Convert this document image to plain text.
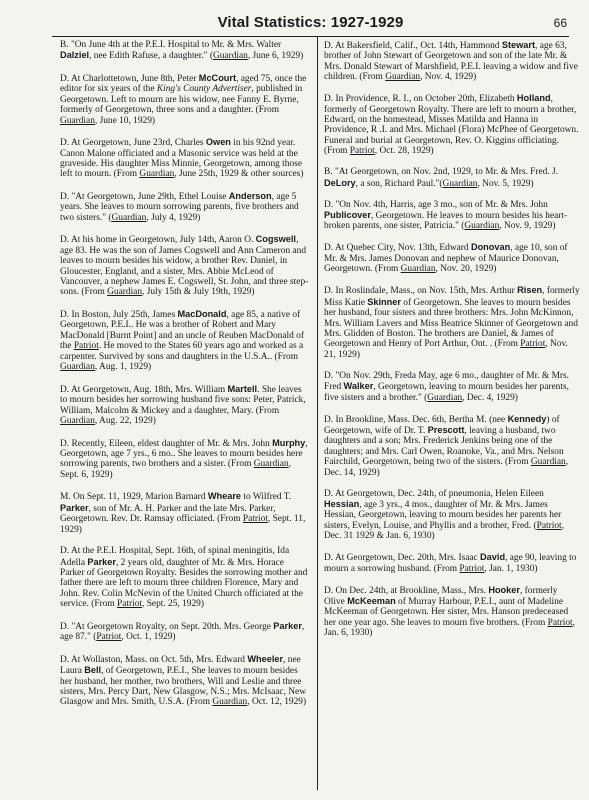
Vital Statistics: 1927-1929	66

B. "On June 4th at the P.E.I. Hospital to Mr. & Mrs. Walter Dalziel, nee Edith Rafuse, a daughter." (Guardian, June 6, 1929)

D. At Charlottetown, June 8th, Peter McCourt, aged 75, once the editor for six years of the King's County Advertiser, published in Georgetown. Left to mourn are his widow, nee Fanny E. Byrne, formerly of Georgetown, three sons and a daughter. (From Guardian, June 10, 1929)

D. At Georgetown, June 23rd, Charles Owen in his 92nd year. Canon Malone officiated and a Masonic service was held at the graveside. His daughter Miss Minnie, Georgetown, among those left to mourn. (From Guardian, June 25th, 1929 & other sources)

D. "At Georgetown, June 29th, Ethel Louise Anderson, age 5 years. She leaves to mourn sorrowing parents, five brothers and two sisters." (Guardian, July 4, 1929)

D. At his home in Georgetown, July 14th, Aaron O. Cogswell, age 83. He was the son of James Cogswell and Ann Cameron and leaves to mourn besides his widow, a brother Rev. Daniel, in Gloucester, England, and a sister, Mrs. Abbie McLeod of Vancouver, a nephew James E. Cogswell, St. John, and three step-sons. (From Guardian, July 15th & July 19th, 1929)

D. In Boston, July 25th, James MacDonald, age 85, a native of Georgetown, P.E.I.. He was a brother of Robert and Mary MacDonald [Burnt Point] and an uncle of Reuben MacDonald of the Patriot. He moved to the States 60 years ago and worked as a carpenter. Survived by sons and daughters in the U.S.A.. (From Guardian, Aug. 1, 1929)

D. At Georgetown, Aug. 18th, Mrs. William Martell. She leaves to mourn besides her sorrowing husband five sons: Peter, Patrick, William, Malcolm & Mickey and a daughter, Mary. (From Guardian, Aug. 22, 1929)

D. Recently, Eileen, eldest daughter of Mr. & Mrs. John Murphy, Georgetown, age 7 yrs., 6 mo.. She leaves to mourn besides here sorrowing parents, two brothers and a sister. (From Guardian, Sept. 6, 1929)

M. On Sept. 11, 1929, Marion Barnard Wheare to Wilfred T. Parker, son of Mr. A. H. Parker and the late Mrs. Parker, Georgetown. Rev. Dr. Ramsay officiated. (From Patriot, Sept. 11, 1929)

D. At the P.E.I. Hospital, Sept. 16th, of spinal meningitis, Ida Adella Parker, 2 years old, daughter of Mr. & Mrs. Horace Parker of Georgetown Royalty. Besides the sorrowing mother and father there are left to mourn three children Florence, Mary and John. Rev. Colin McNevin of the United Church officiated at the service. (From Patriot, Sept. 25, 1929)

D. "At Georgetown Royalty, on Sept. 20th. Mrs. George Parker, age 87." (Patriot, Oct. 1, 1929)

D. At Wollaston, Mass. on Oct. 5th, Mrs. Edward Wheeler, nee Laura Bell, of Georgetown, P.E.I., She leaves to mourn besides her husband, her mother, two brothers, Will and Leslie and three sisters, Mrs. Percy Dart, New Glasgow, N.S.; Mrs. McIsaac, New Glasgow and Mrs. Smith, U.S.A. (From Guardian, Oct. 12, 1929)

D. At Bakersfield, Calif., Oct. 14th, Hammond Stewart, age 63, brother of John Stewart of Georgetown and son of the late Mr. & Mrs. Donald Stewart of Marshfield, P.E.I. leaving a widow and five children. (From Guardian, Nov. 4, 1929)

D. In Providence, R. I., on October 20th, Elizabeth Holland, formerly of Georgetown Royalty. There are left to mourn a brother, Edward, on the homestead, Misses Matilda and Hanna in Providence, R .I. and Mrs. Michael (Flora) McPhee of Georgetown. Funeral and burial at Georgetown, Rev. O. Kiggins officiating. (From Patriot, Oct. 28, 1929)

B. "At Georgetown, on Nov. 2nd, 1929, to Mr. & Mrs. Fred. J. DeLory, a son, Richard Paul."(Guardian, Nov. 5, 1929)

D. "On Nov. 4th, Harris, age 3 mo., son of Mr. & Mrs. John Publicover, Georgetown. He leaves to mourn besides his heart-broken parents, one sister, Patricia." (Guardian, Nov. 9, 1929)

D. At Quebec City, Nov. 13th, Edward Donovan, age 10, son of Mr. & Mrs. James Donovan and nephew of Maurice Donovan, Georgetown. (From Guardian, Nov. 20, 1929)

D. In Roslindale, Mass., on Nov. 15th, Mrs. Arthur Risen, formerly Miss Katie Skinner of Georgetown. She leaves to mourn besides her husband, four sisters and three brothers: Mrs. John McKinnon, Mrs. William Lavers and Miss Beatrice Skinner of Georgetown and Mrs. Glidden of Boston. The brothers are Daniel, & James of Georgetown and Henry of Port Arthur, Ont. . (From Patriot, Nov. 21, 1929)

D. "On Nov. 29th, Freda May, age 6 mo., daughter of Mr. & Mrs. Fred Walker, Georgetown, leaving to mourn besides her parents, five sisters and a brother." (Guardian, Dec. 4, 1929)

D. In Brookline, Mass. Dec. 6th, Bertha M. (nee Kennedy) of Georgetown, wife of Dr. T. Prescott, leaving a husband, two daughters and a son; Mrs. Frederick Jenkins being one of the daughters; and Mrs. Carl Owen, Roanoke, Va., and Mrs. Nelson Fairchild, Georgetown, being two of the sisters. (From Guardian, Dec. 14, 1929)

D. At Georgetown, Dec. 24th, of pneumonia, Helen Eileen Hessian, age 3 yrs., 4 mos., daughter of Mr. & Mrs. James Hessian, Georgetown, leaving to mourn besides her parents her sisters, Evelyn, Louise, and Phyllis and a brother, Fred. (Patriot, Dec. 31 1929 & Jan. 6, 1930)

D. At Georgetown, Dec. 20th, Mrs. Isaac David, age 90, leaving to mourn a sorrowing husband. (From Patriot, Jan. 1, 1930)

D. On Dec. 24th, at Brookline, Mass., Mrs. Hooker, formerly Olive McKeeman of Murray Harbour, P.E.I., aunt of Madeline McKeeman of Georgetown. Her sister, Mrs. Hanson predeceased her one year ago. She leaves to mourn five brothers. (From Patriot, Jan. 6, 1930)
